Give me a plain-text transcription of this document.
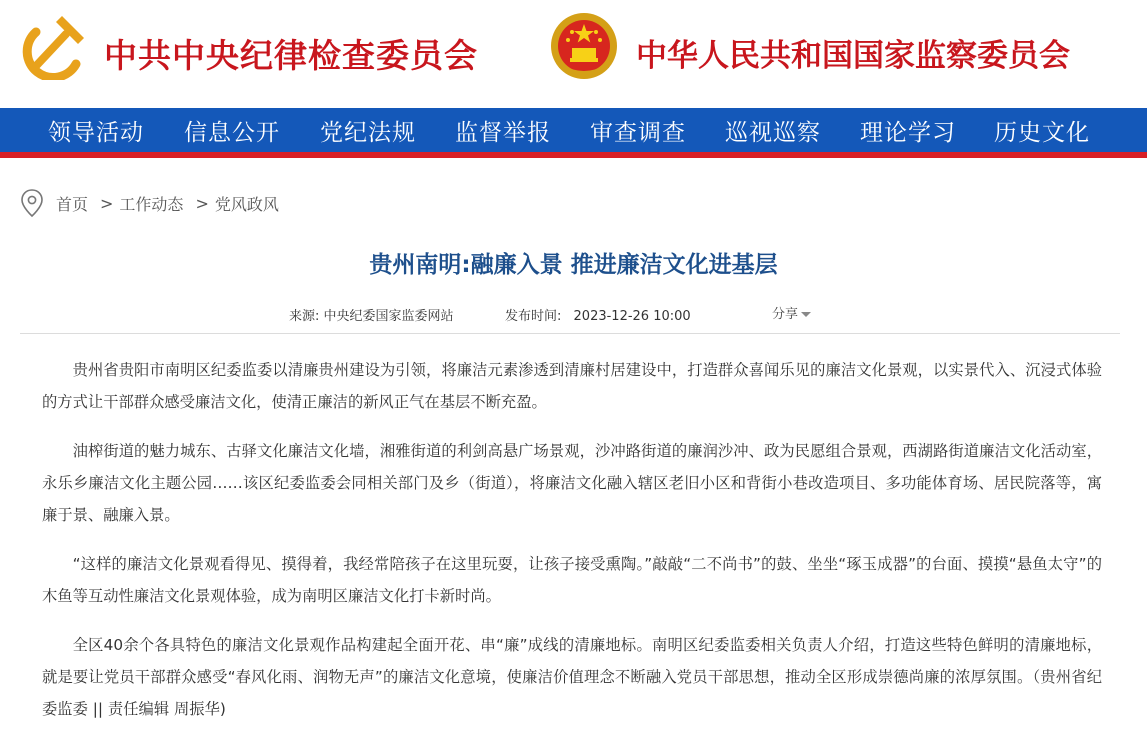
中共中央纪律检查委员会	中华人民共和国国家监察委员会
领导活动 信息公开 党纪法规 监督举报 审查调查 巡视巡察 理论学习 历史文化
首页 > 工作动态 > 党风政风
贵州南明:融廉入景 推进廉洁文化进基层
来源: 中央纪委国家监委网站	发布时间: 2023-12-26 10:00	分享

贵州省贵阳市南明区纪委监委以清廉贵州建设为引领，将廉洁元素渗透到清廉村居建设中，打造群众喜闻乐见的廉洁文化景观，以实景代入、沉浸式体验的方式让干部群众感受廉洁文化，使清正廉洁的新风正气在基层不断充盈。

油榨街道的魅力城东、古驿文化廉洁文化墙，湘雅街道的利剑高悬广场景观，沙冲路街道的廉润沙冲、政为民愿组合景观，西湖路街道廉洁文化活动室，永乐乡廉洁文化主题公园……该区纪委监委会同相关部门及乡（街道），将廉洁文化融入辖区老旧小区和背街小巷改造项目、多功能体育场、居民院落等，寓廉于景、融廉入景。

“这样的廉洁文化景观看得见、摸得着，我经常陪孩子在这里玩耍，让孩子接受熏陶。”敲敲“二不尚书”的鼓、坐坐“琢玉成器”的台面、摸摸“悬鱼太守”的木鱼等互动性廉洁文化景观体验，成为南明区廉洁文化打卡新时尚。

全区40余个各具特色的廉洁文化景观作品构建起全面开花、串“廉”成线的清廉地标。南明区纪委监委相关负责人介绍，打造这些特色鲜明的清廉地标，就是要让党员干部群众感受“春风化雨、润物无声”的廉洁文化意境，使廉洁价值理念不断融入党员干部思想，推动全区形成崇德尚廉的浓厚氛围。（贵州省纪委监委 || 责任编辑 周振华)
